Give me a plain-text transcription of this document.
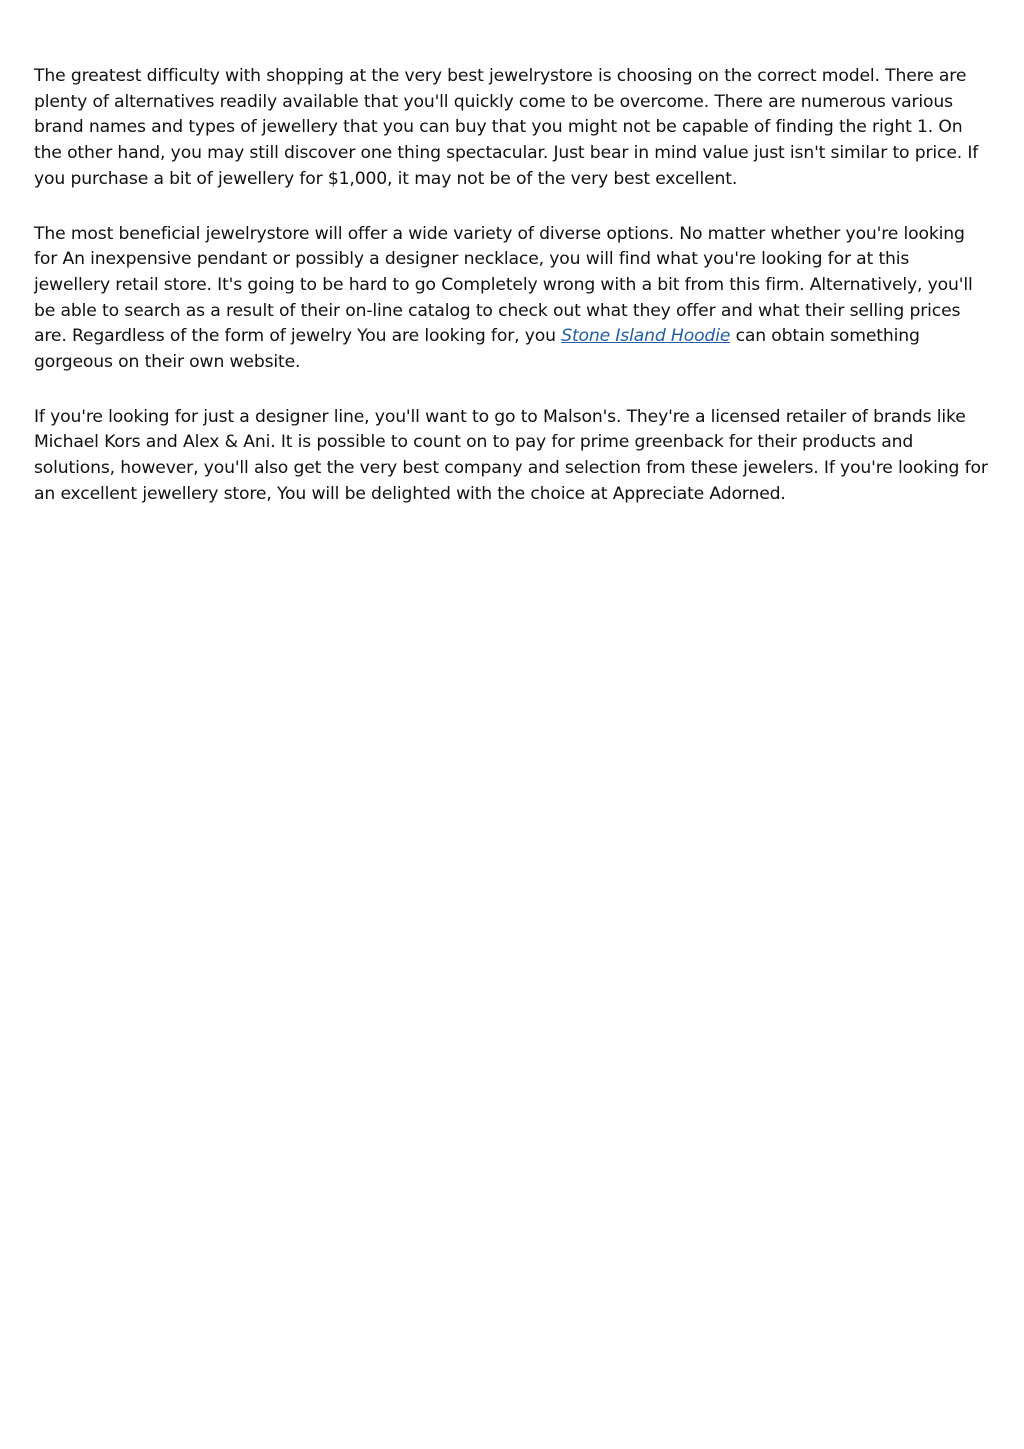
The greatest difficulty with shopping at the very best jewelrystore is choosing on the correct model. There are plenty of alternatives readily available that you'll quickly come to be overcome. There are numerous various brand names and types of jewellery that you can buy that you might not be capable of finding the right 1. On the other hand, you may still discover one thing spectacular. Just bear in mind value just isn't similar to price. If you purchase a bit of jewellery for $1,000, it may not be of the very best excellent.

The most beneficial jewelrystore will offer a wide variety of diverse options. No matter whether you're looking for An inexpensive pendant or possibly a designer necklace, you will find what you're looking for at this jewellery retail store. It's going to be hard to go Completely wrong with a bit from this firm. Alternatively, you'll be able to search as a result of their on-line catalog to check out what they offer and what their selling prices are. Regardless of the form of jewelry You are looking for, you Stone Island Hoodie can obtain something gorgeous on their own website.

If you're looking for just a designer line, you'll want to go to Malson's. They're a licensed retailer of brands like Michael Kors and Alex & Ani. It is possible to count on to pay for prime greenback for their products and solutions, however, you'll also get the very best company and selection from these jewelers. If you're looking for an excellent jewellery store, You will be delighted with the choice at Appreciate Adorned.
